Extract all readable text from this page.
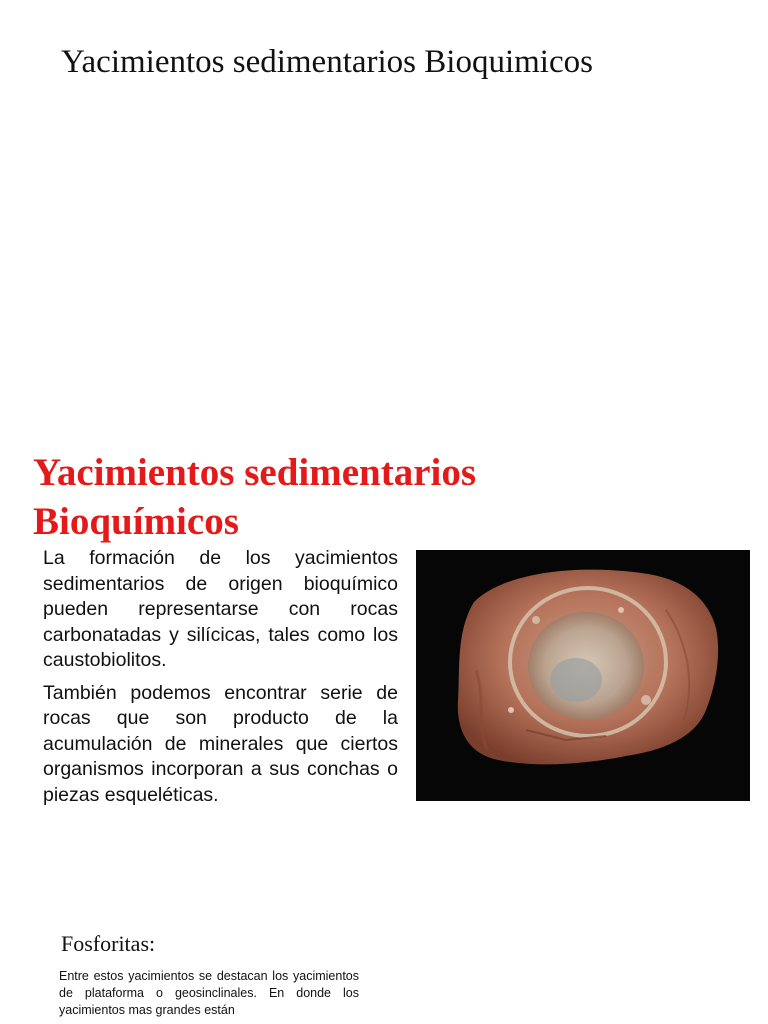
Yacimientos sedimentarios Bioquimicos
Yacimientos sedimentarios Bioquímicos

La formación de los yacimientos sedimentarios de origen bioquímico pueden representarse con rocas carbonatadas y silícicas, tales como los caustobiolitos.

También podemos encontrar serie de rocas que son producto de la acumulación de minerales que ciertos organismos incorporan a sus conchas o piezas esqueléticas.

Fosforitas:
Entre estos yacimientos se destacan los yacimientos de plataforma o geosinclinales. En donde los yacimientos mas grandes están
